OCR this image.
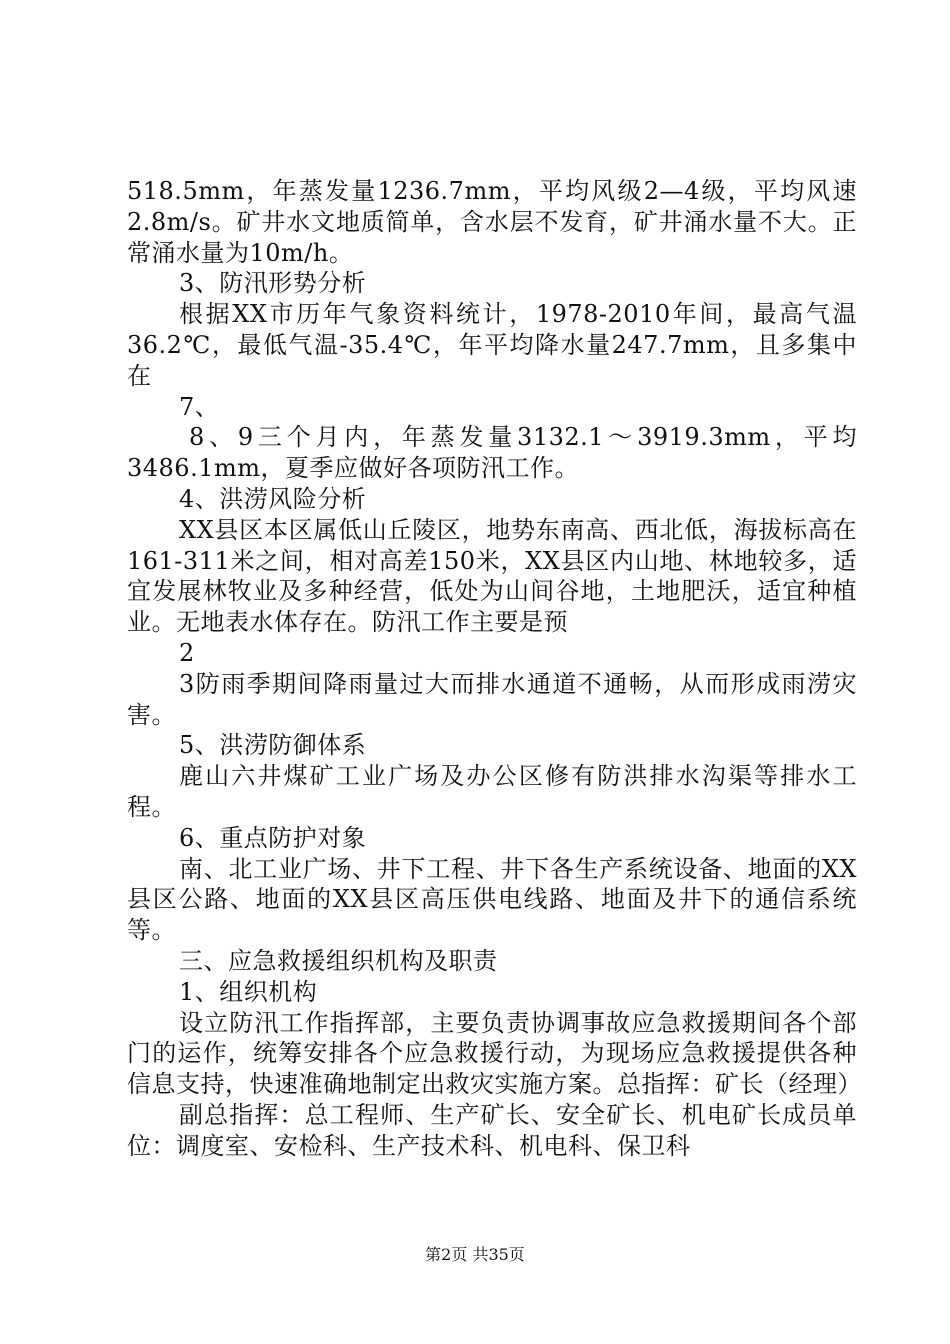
518.5mm，年蒸发量1236.7mm，平均风级2—4级，平均风速2.8m/s。矿井水文地质简单，含水层不发育，矿井涌水量不大。正常涌水量为10m/h。

3、防汛形势分析

根据XX市历年气象资料统计，1978-2010年间，最高气温36.2℃，最低气温-35.4℃，年平均降水量247.7mm，且多集中在

7、

8、9三个月内，年蒸发量3132.1～3919.3mm，平均3486.1mm，夏季应做好各项防汛工作。

4、洪涝风险分析

XX县区本区属低山丘陵区，地势东南高、西北低，海拔标高在161-311米之间，相对高差150米，XX县区内山地、林地较多，适宜发展林牧业及多种经营，低处为山间谷地，土地肥沃，适宜种植业。无地表水体存在。防汛工作主要是预

2

3防雨季期间降雨量过大而排水通道不通畅，从而形成雨涝灾害。

5、洪涝防御体系

鹿山六井煤矿工业广场及办公区修有防洪排水沟渠等排水工程。

6、重点防护对象

南、北工业广场、井下工程、井下各生产系统设备、地面的XX县区公路、地面的XX县区高压供电线路、地面及井下的通信系统等。

三、应急救援组织机构及职责

1、组织机构

设立防汛工作指挥部，主要负责协调事故应急救援期间各个部门的运作，统筹安排各个应急救援行动，为现场应急救援提供各种信息支持，快速准确地制定出救灾实施方案。总指挥：矿长（经理）

副总指挥：总工程师、生产矿长、安全矿长、机电矿长成员单位：调度室、安检科、生产技术科、机电科、保卫科

第2页 共35页
